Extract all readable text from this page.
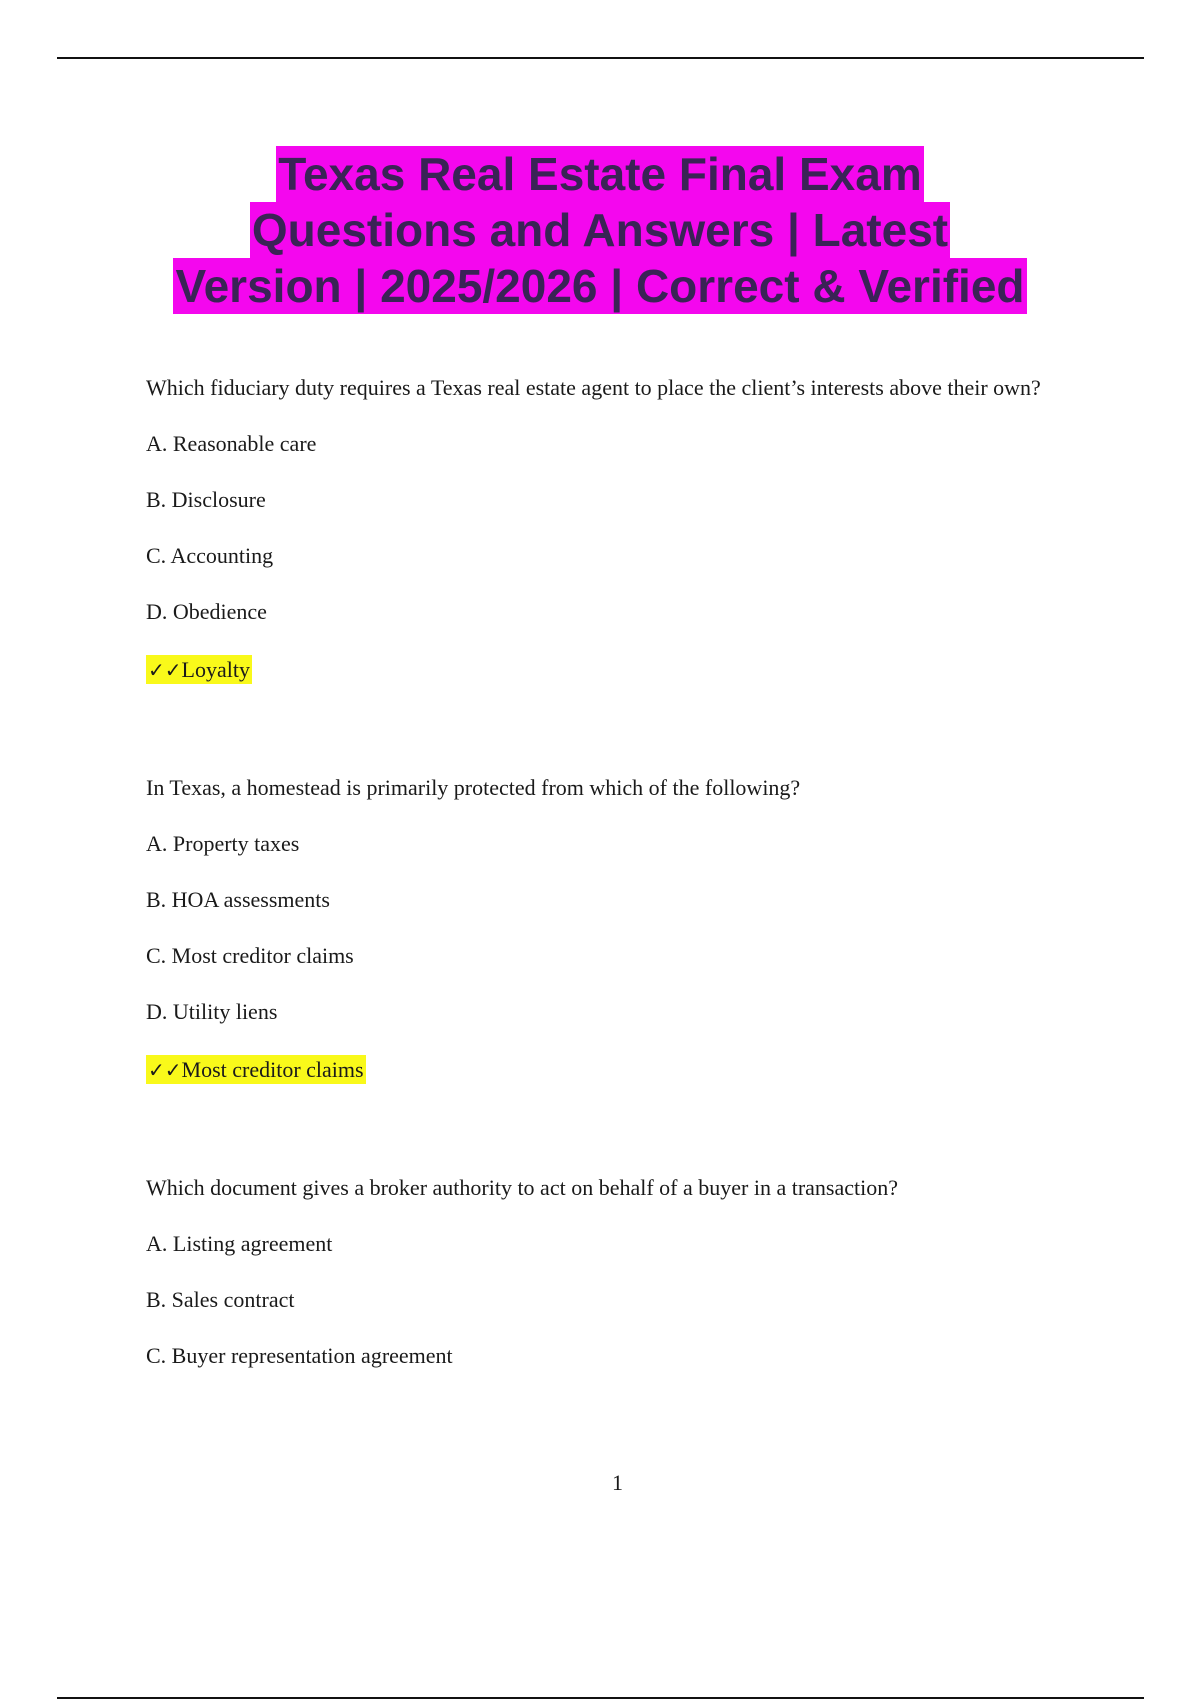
Texas Real Estate Final Exam
Questions and Answers | Latest
Version | 2025/2026 | Correct & Verified

Which fiduciary duty requires a Texas real estate agent to place the client’s interests above their own?

A. Reasonable care

B. Disclosure

C. Accounting

D. Obedience

✓✓Loyalty

In Texas, a homestead is primarily protected from which of the following?

A. Property taxes

B. HOA assessments

C. Most creditor claims

D. Utility liens

✓✓Most creditor claims

Which document gives a broker authority to act on behalf of a buyer in a transaction?

A. Listing agreement

B. Sales contract

C. Buyer representation agreement

1
